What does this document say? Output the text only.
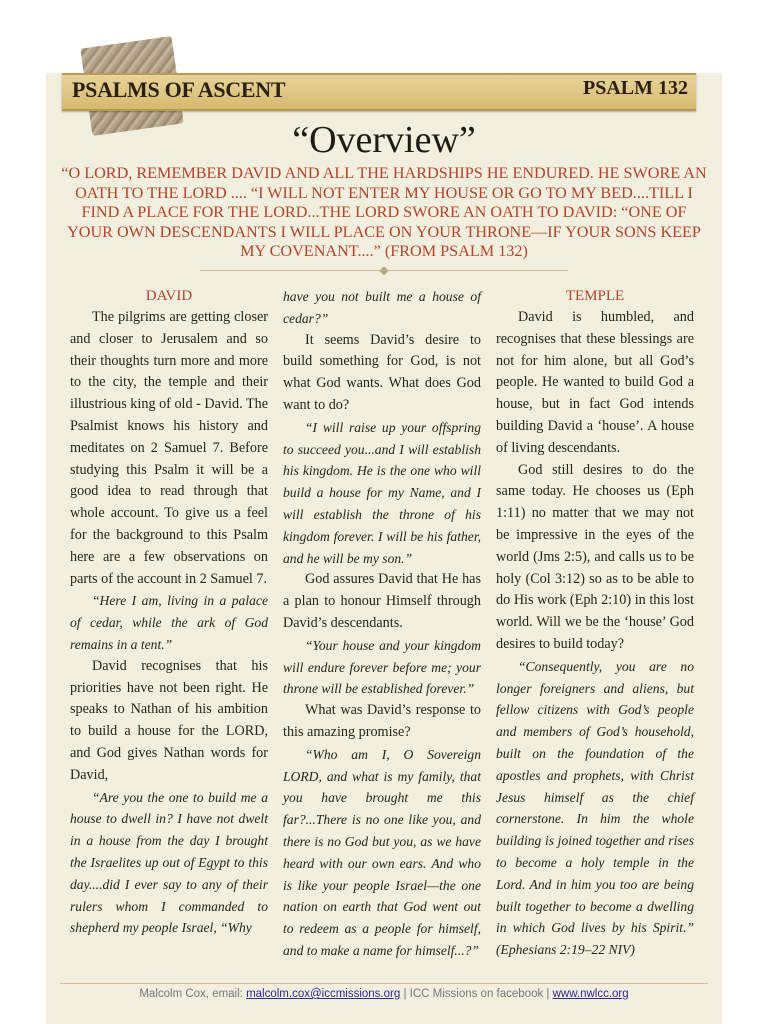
PSALMS OF ASCENT	PSALM 132
“Overview”
“O LORD, REMEMBER DAVID AND ALL THE HARDSHIPS HE ENDURED. HE SWORE AN OATH TO THE LORD .... “I WILL NOT ENTER MY HOUSE OR GO TO MY BED....TILL I FIND A PLACE FOR THE LORD...THE LORD SWORE AN OATH TO DAVID: “ONE OF YOUR OWN DESCENDANTS I WILL PLACE ON YOUR THRONE—IF YOUR SONS KEEP MY COVENANT....” (FROM PSALM 132)
◆
DAVID

The pilgrims are getting closer and closer to Jerusalem and so their thoughts turn more and more to the city, the temple and their illustrious king of old - David. The Psalmist knows his history and meditates on 2 Samuel 7. Before studying this Psalm it will be a good idea to read through that whole account. To give us a feel for the background to this Psalm here are a few observations on parts of the account in 2 Samuel 7.

“Here I am, living in a palace of cedar, while the ark of God remains in a tent.”

David recognises that his priorities have not been right. He speaks to Nathan of his ambition to build a house for the LORD, and God gives Nathan words for David,

“Are you the one to build me a house to dwell in? I have not dwelt in a house from the day I brought the Israelites up out of Egypt to this day....did I ever say to any of their rulers whom I commanded to shepherd my people Israel, “Why

have you not built me a house of cedar?”

It seems David’s desire to build something for God, is not what God wants. What does God want to do?

“I will raise up your offspring to succeed you...and I will establish his kingdom. He is the one who will build a house for my Name, and I will establish the throne of his kingdom forever. I will be his father, and he will be my son.”

God assures David that He has a plan to honour Himself through David’s descendants.

“Your house and your kingdom will endure forever before me; your throne will be established forever.”

What was David’s response to this amazing promise?

“Who am I, O Sovereign LORD, and what is my family, that you have brought me this far?...There is no one like you, and there is no God but you, as we have heard with our own ears. And who is like your people Israel—the one nation on earth that God went out to redeem as a people for himself, and to make a name for himself...?”

TEMPLE

David is humbled, and recognises that these blessings are not for him alone, but all God’s people. He wanted to build God a house, but in fact God intends building David a ‘house’. A house of living descendants.

God still desires to do the same today. He chooses us (Eph 1:11) no matter that we may not be impressive in the eyes of the world (Jms 2:5), and calls us to be holy (Col 3:12) so as to be able to do His work (Eph 2:10) in this lost world. Will we be the ‘house’ God desires to build today?

“Consequently, you are no longer foreigners and aliens, but fellow citizens with God’s people and members of God’s household, built on the foundation of the apostles and prophets, with Christ Jesus himself as the chief cornerstone. In him the whole building is joined together and rises to become a holy temple in the Lord. And in him you too are being built together to become a dwelling in which God lives by his Spirit.” (Ephesians 2:19–22 NIV)

Malcolm Cox, email: malcolm.cox@iccmissions.org | ICC Missions on facebook | www.nwlcc.org
